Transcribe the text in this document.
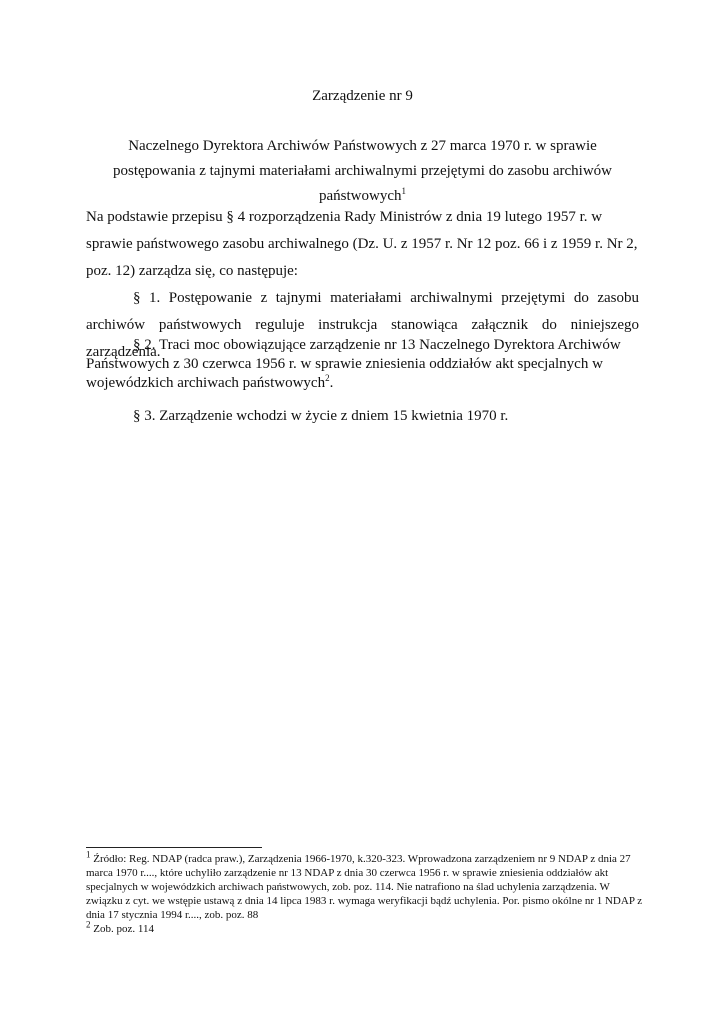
Zarządzenie nr 9
Naczelnego Dyrektora Archiwów Państwowych z 27 marca 1970 r. w sprawie postępowania z tajnymi materiałami archiwalnymi przejętymi do zasobu archiwów państwowych$^1$
Na podstawie przepisu § 4 rozporządzenia Rady Ministrów z dnia 19 lutego 1957 r. w sprawie państwowego zasobu archiwalnego (Dz. U. z 1957 r. Nr 12 poz. 66 i z 1959 r. Nr 2, poz. 12) zarządza się, co następuje:
§ 1. Postępowanie z tajnymi materiałami archiwalnymi przejętymi do zasobu archiwów państwowych reguluje instrukcja stanowiąca załącznik do niniejszego zarządzenia.
§ 2. Traci moc obowiązujące zarządzenie nr 13 Naczelnego Dyrektora Archiwów Państwowych z 30 czerwca 1956 r. w sprawie zniesienia oddziałów akt specjalnych w wojewódzkich archiwach państwowych$^2$.
§ 3. Zarządzenie wchodzi w życie z dniem 15 kwietnia 1970 r.
$^1$ Źródło: Reg. NDAP (radca praw.), Zarządzenia 1966-1970, k.320-323. Wprowadzona zarządzeniem nr 9 NDAP z dnia 27 marca 1970 r...., które uchyliło zarządzenie nr 13 NDAP z dnia 30 czerwca 1956 r. w sprawie zniesienia oddziałów akt specjalnych w wojewódzkich archiwach państwowych, zob. poz. 114. Nie natrafiono na ślad uchylenia zarządzenia. W związku z cyt. we wstępie ustawą z dnia 14 lipca 1983 r. wymaga weryfikacji bądź uchylenia. Por. pismo okólne nr 1 NDAP z dnia 17 stycznia 1994 r...., zob. poz. 88
$^2$ Zob. poz. 114
